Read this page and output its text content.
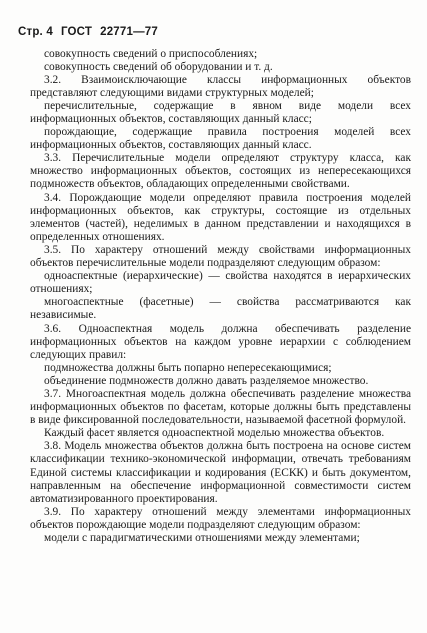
Стр. 4 ГОСТ 22771—77

совокупность сведений о приспособлениях;

совокупность сведений об оборудовании и т. д.

3.2. Взаимоисключающие классы информационных объектов представляют следующими видами структурных моделей;

перечислительные, содержащие в явном виде модели всех информационных объектов, составляющих данный класс;

порождающие, содержащие правила построения моделей всех информационных объектов, составляющих данный класс.

3.3. Перечислительные модели определяют структуру класса, как множество информационных объектов, состоящих из непересекающихся подмножеств объектов, обладающих определенными свойствами.

3.4. Порождающие модели определяют правила построения моделей информационных объектов, как структуры, состоящие из отдельных элементов (частей), неделимых в данном представлении и находящихся в определенных отношениях.

3.5. По характеру отношений между свойствами информационных объектов перечислительные модели подразделяют следующим образом:

одноаспектные (иерархические) — свойства находятся в иерархических отношениях;

многоаспектные (фасетные) — свойства рассматриваются как независимые.

3.6. Одноаспектная модель должна обеспечивать разделение информационных объектов на каждом уровне иерархии с соблюдением следующих правил:

подмножества должны быть попарно непересекающимися;

объединение подмножеств должно давать разделяемое множество.

3.7. Многоаспектная модель должна обеспечивать разделение множества информационных объектов по фасетам, которые должны быть представлены в виде фиксированной последовательности, называемой фасетной формулой.

Каждый фасет является одноаспектной моделью множества объектов.

3.8. Модель множества объектов должна быть построена на основе систем классификации технико-экономической информации, отвечать требованиям Единой системы классификации и кодирования (ЕСКК) и быть документом, направленным на обеспечение информационной совместимости систем автоматизированного проектирования.

3.9. По характеру отношений между элементами информационных объектов порождающие модели подразделяют следующим образом:

модели с парадигматическими отношениями между элементами;
